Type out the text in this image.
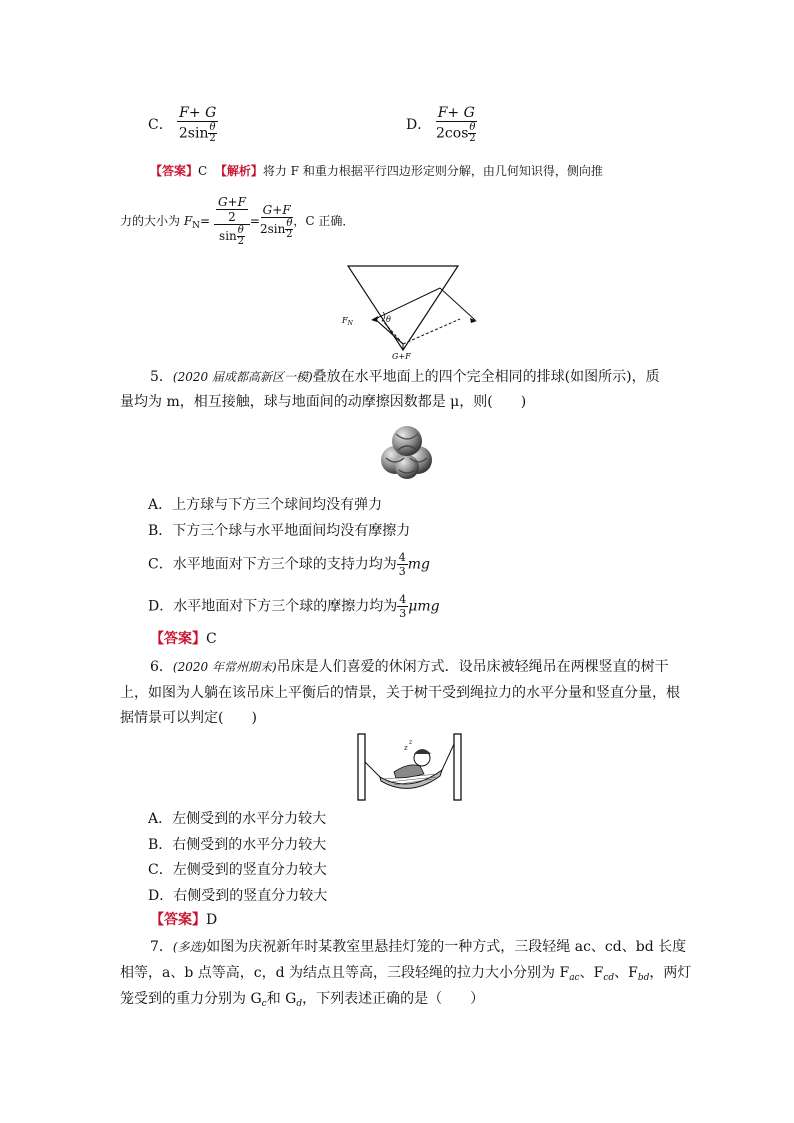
C． $\frac{F+ G}{2\sin \frac{\theta}{2}}$	D． $\frac{F+ G}{2\cos \frac{\theta}{2}}$
【答案】C 【解析】将力 F 和重力根据平行四边形定则分解，由几何知识得，侧向推
力的大小为 $F_N= \frac{\frac{G+F}{2}}{\sin \frac{\theta}{2}} = \frac{G+F}{2\sin \frac{\theta}{2}}$ ，C 正确．
$F_N$	θ
G+F
5．(2020 届成都高新区一模)叠放在水平地面上的四个完全相同的排球(如图所示)，质
量均为 m，相互接触，球与地面间的动摩擦因数都是 μ，则(　　)
A．上方球与下方三个球间均没有弹力
B．下方三个球与水平地面间均没有摩擦力
C．水平地面对下方三个球的支持力均为 $\frac{4}{3}$ mg
D．水平地面对下方三个球的摩擦力均为 $\frac{4}{3}$ μmg
【答案】C
6．(2020 年常州期末)吊床是人们喜爱的休闲方式．设吊床被轻绳吊在两棵竖直的树干
上，如图为人躺在该吊床上平衡后的情景，关于树干受到绳拉力的水平分量和竖直分量，根
据情景可以判定(　　)
z
z
A．左侧受到的水平分力较大
B．右侧受到的水平分力较大
C．左侧受到的竖直分力较大
D．右侧受到的竖直分力较大
【答案】D
7．(多选)如图为庆祝新年时某教室里悬挂灯笼的一种方式，三段轻绳 ac、cd、bd 长度
相等，a、b 点等高，c，d 为结点且等高，三段轻绳的拉力大小分别为 $F_{ac}$、$F_{cd}$、$F_{bd}$，两灯
笼受到的重力分别为 $G_c$和 $G_d$，下列表述正确的是（　　）
